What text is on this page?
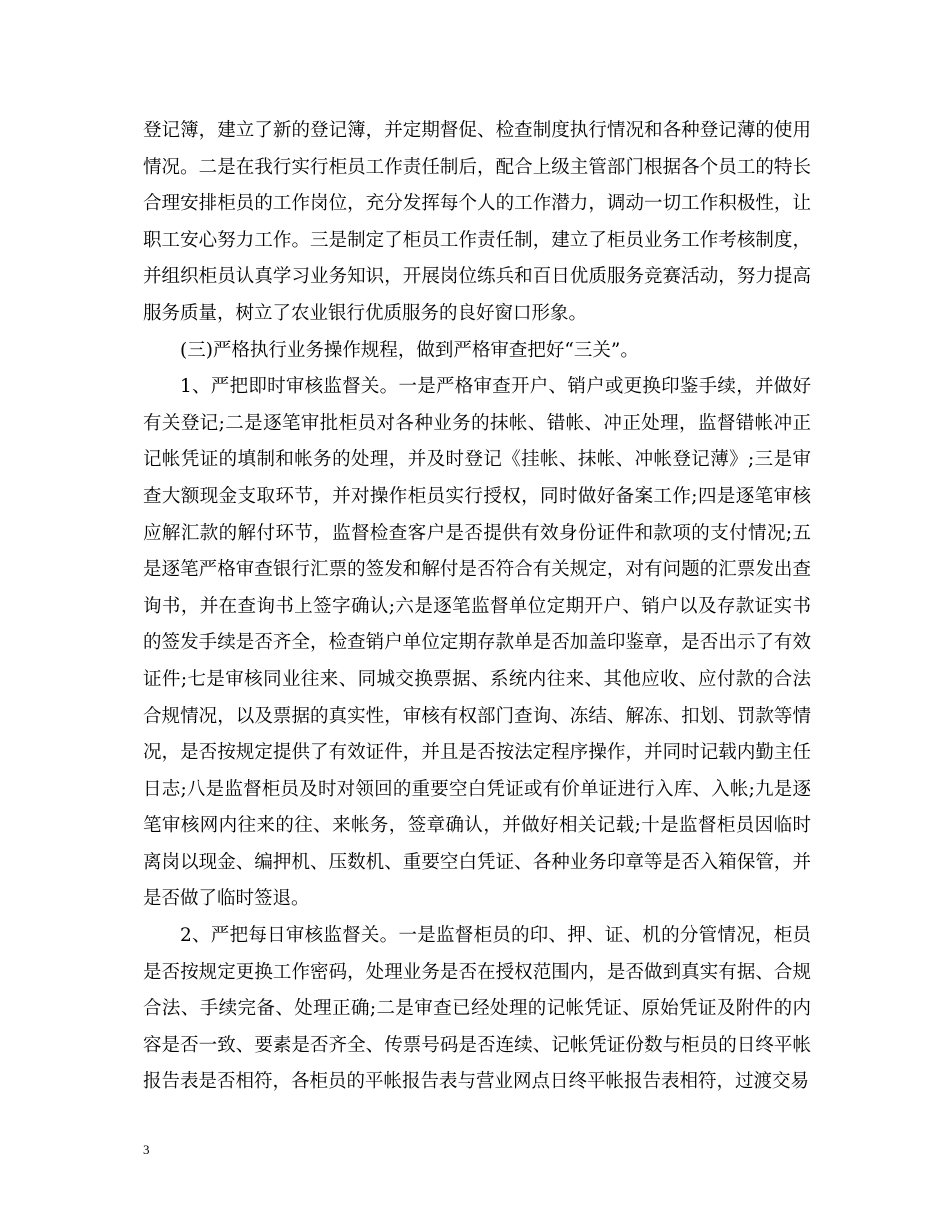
登记簿，建立了新的登记簿，并定期督促、检查制度执行情况和各种登记薄的使用情况。二是在我行实行柜员工作责任制后，配合上级主管部门根据各个员工的特长合理安排柜员的工作岗位，充分发挥每个人的工作潜力，调动一切工作积极性，让职工安心努力工作。三是制定了柜员工作责任制，建立了柜员业务工作考核制度，并组织柜员认真学习业务知识，开展岗位练兵和百日优质服务竞赛活动，努力提高服务质量，树立了农业银行优质服务的良好窗口形象。

(三)严格执行业务操作规程，做到严格审查把好“三关”。

1、严把即时审核监督关。一是严格审查开户、销户或更换印鉴手续，并做好有关登记;二是逐笔审批柜员对各种业务的抹帐、错帐、冲正处理，监督错帐冲正记帐凭证的填制和帐务的处理，并及时登记《挂帐、抹帐、冲帐登记薄》;三是审查大额现金支取环节，并对操作柜员实行授权，同时做好备案工作;四是逐笔审核应解汇款的解付环节，监督检查客户是否提供有效身份证件和款项的支付情况;五是逐笔严格审查银行汇票的签发和解付是否符合有关规定，对有问题的汇票发出查询书，并在查询书上签字确认;六是逐笔监督单位定期开户、销户以及存款证实书的签发手续是否齐全，检查销户单位定期存款单是否加盖印鉴章，是否出示了有效证件;七是审核同业往来、同城交换票据、系统内往来、其他应收、应付款的合法合规情况，以及票据的真实性，审核有权部门查询、冻结、解冻、扣划、罚款等情况，是否按规定提供了有效证件，并且是否按法定程序操作，并同时记载内勤主任日志;八是监督柜员及时对领回的重要空白凭证或有价单证进行入库、入帐;九是逐笔审核网内往来的往、来帐务，签章确认，并做好相关记载;十是监督柜员因临时离岗以现金、编押机、压数机、重要空白凭证、各种业务印章等是否入箱保管，并是否做了临时签退。

2、严把每日审核监督关。一是监督柜员的印、押、证、机的分管情况，柜员是否按规定更换工作密码，处理业务是否在授权范围内，是否做到真实有据、合规合法、手续完备、处理正确;二是审查已经处理的记帐凭证、原始凭证及附件的内容是否一致、要素是否齐全、传票号码是否连续、记帐凭证份数与柜员的日终平帐报告表是否相符，各柜员的平帐报告表与营业网点日终平帐报告表相符，过渡交易

3
